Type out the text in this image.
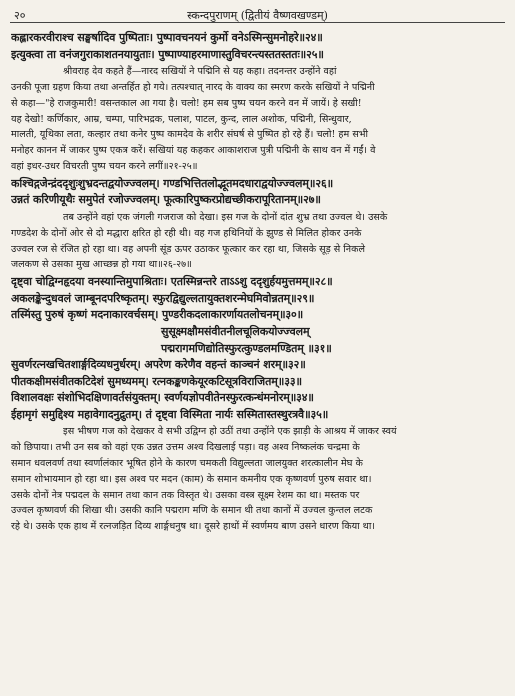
२०	स्कन्दपुराणम् (द्वितीयं वैष्णवखण्डम्)
कह्लारकरवीराश्च सङ्घर्षादिव पुष्पिताः। पुष्पावचनयनं कुर्मो वनेऽस्मिन्सुमनोहरे॥२४॥
इत्युक्त्वा ता वनंजगुराकाशतनयायुताः। पुष्पाण्याहरमाणास्तुविचरन्त्यस्ततस्ततः॥२५॥
श्रीवराह देव कहते हैं—नारद सखियों ने पद्मिनि से यह कहा। तदनन्तर उन्होंने वहां
उनकी पूजा ग्रहण किया तथा अन्तर्हित हो गये। तत्पश्चात् नारद के वाक्य का स्मरण करके सखियों ने पद्मिनी
से कहा—"हे राजकुमारी! वसन्तकाल आ गया है। चलो! हम सब पुष्प चयन करने वन में जायें। हे सखी!
यह देखो! कर्णिकार, आम्र, चम्पा, पारिभद्रक, पलाश, पाटल, कुन्द, लाल अशोक, पद्मिनी, सिन्धुवार,
मालती, यूथिका लता, कल्हार तथा कनेर पुष्प कामदेव के शरीर संघर्ष से पुष्पित हो रहे हैं। चलो! हम सभी
मनोहर कानन में जाकर पुष्प एकत्र करें। सखियां यह कहकर आकाशराज पुत्री पद्मिनी के साथ वन में गईं। वे
वहां इधर-उधर विचरती पुष्प चयन करने लगीं॥२१-२५॥
कश्चिद्गजेन्द्रंददृशुःशुभ्रदन्तद्वयोज्ज्वलम्। गण्डभित्तितलोद्भूतमदधाराद्वयोज्ज्वलम्॥२६॥
उन्नतं करिणीयूथैः समुपेतं रजोज्ज्वलम्। फूत्कारिपुष्करप्रोद्यच्छीकरापूरितानम्॥२७॥
तब उन्होंने वहां एक जंगली गजराज को देखा। इस गज के दोनों दांत शुभ्र तथा उज्वल थे। उसके
गण्डदेश के दोनों ओर से दो मद्धारा क्षरित हो रही थी। वह गज हथिनियों के झुण्ड से मिलित होकर उनके
उज्वल रज से रंजित हो रहा था। वह अपनी सूंड ऊपर उठाकर फूत्कार कर रहा था, जिसके सूड़ से निकले
जलकण से उसका मुख आच्छन्न हो गया था॥२६-२७॥
दृष्ट्वा चोद्विग्नहृदया वनस्यान्तिमुपाश्रिताः। एतस्मिन्नन्तरे ताऽऽशु ददृशुर्हयमुत्तमम्॥२८॥
अकलङ्केन्दुधवलं जाम्बूनदपरिष्कृतम्। स्फुरद्विद्युल्लतायुक्तशरन्मेघमिवोन्नतम्॥२९॥
तस्मिंस्तु पुरुषं कृष्णं मदनाकारवर्चसम्। पुण्डरीकदलाकारर्णायतलोचनम्॥३०॥
सुसूक्ष्मक्षौमसंवीतनीलचूलिकयोज्ज्वलम्
पद्मरागमणिद्योतिस्फुरत्कुण्डलमण्डितम् ॥३१॥
सुवर्णरत्नखचितशार्ङ्गदिव्यधनुर्धरम्। अपरेण करेणैव वहन्तं काञ्चनं शरम्॥३२॥
पीतकक्षीमसंवीतकटिदेशं सुमध्यमम्। रत्नकङ्कणकेयूरकटिसूत्रविराजितम्॥३३॥
विशालवक्षः संशोभिदक्षिणावर्तसंयुक्तम्। स्वर्णयज्ञोपवीतेनस्फुरत्कन्धंमनोरम्॥३४॥
ईहामृगं समुद्दिश्य महावेगादनुद्रुतम्। तं दृष्ट्वा विस्मिता नार्यः सस्मितास्तस्थुरत्रवै॥३५॥
इस भीषण गज को देखकर वे सभी उद्विग्न हो उठीं तथा उन्होंने एक झाड़ी के आश्रय में जाकर स्वयं
को छिपाया। तभी उन सब को वहां एक उन्नत उत्तम अश्व दिखलाई पड़ा। वह अश्व निष्कलंक चन्द्रमा के
समान धवलवर्ण तथा स्वर्णालंकार भूषित होने के कारण चमकती विद्युल्लता जालयुक्त शरत्कालीन मेघ के
समान शोभायमान हो रहा था। इस अश्व पर मदन (काम) के समान कमनीय एक कृष्णवर्ण पुरुष सवार था।
उसके दोनों नेत्र पद्मदल के समान तथा कान तक विस्तृत थे। उसका वस्त्र सूक्ष्म रेशम का था। मस्तक पर
उज्वल कृष्णवर्ण की शिखा थी। उसकी कानि पद्मराग मणि के समान थी तथा कानों में उज्वल कुन्तल लटक
रहे थे। उसके एक हाथ में रत्नजड़ित दिव्य शार्ङ्गधनुष था। दूसरे हाथों में स्वर्णमय बाण उसने धारण किया था।
